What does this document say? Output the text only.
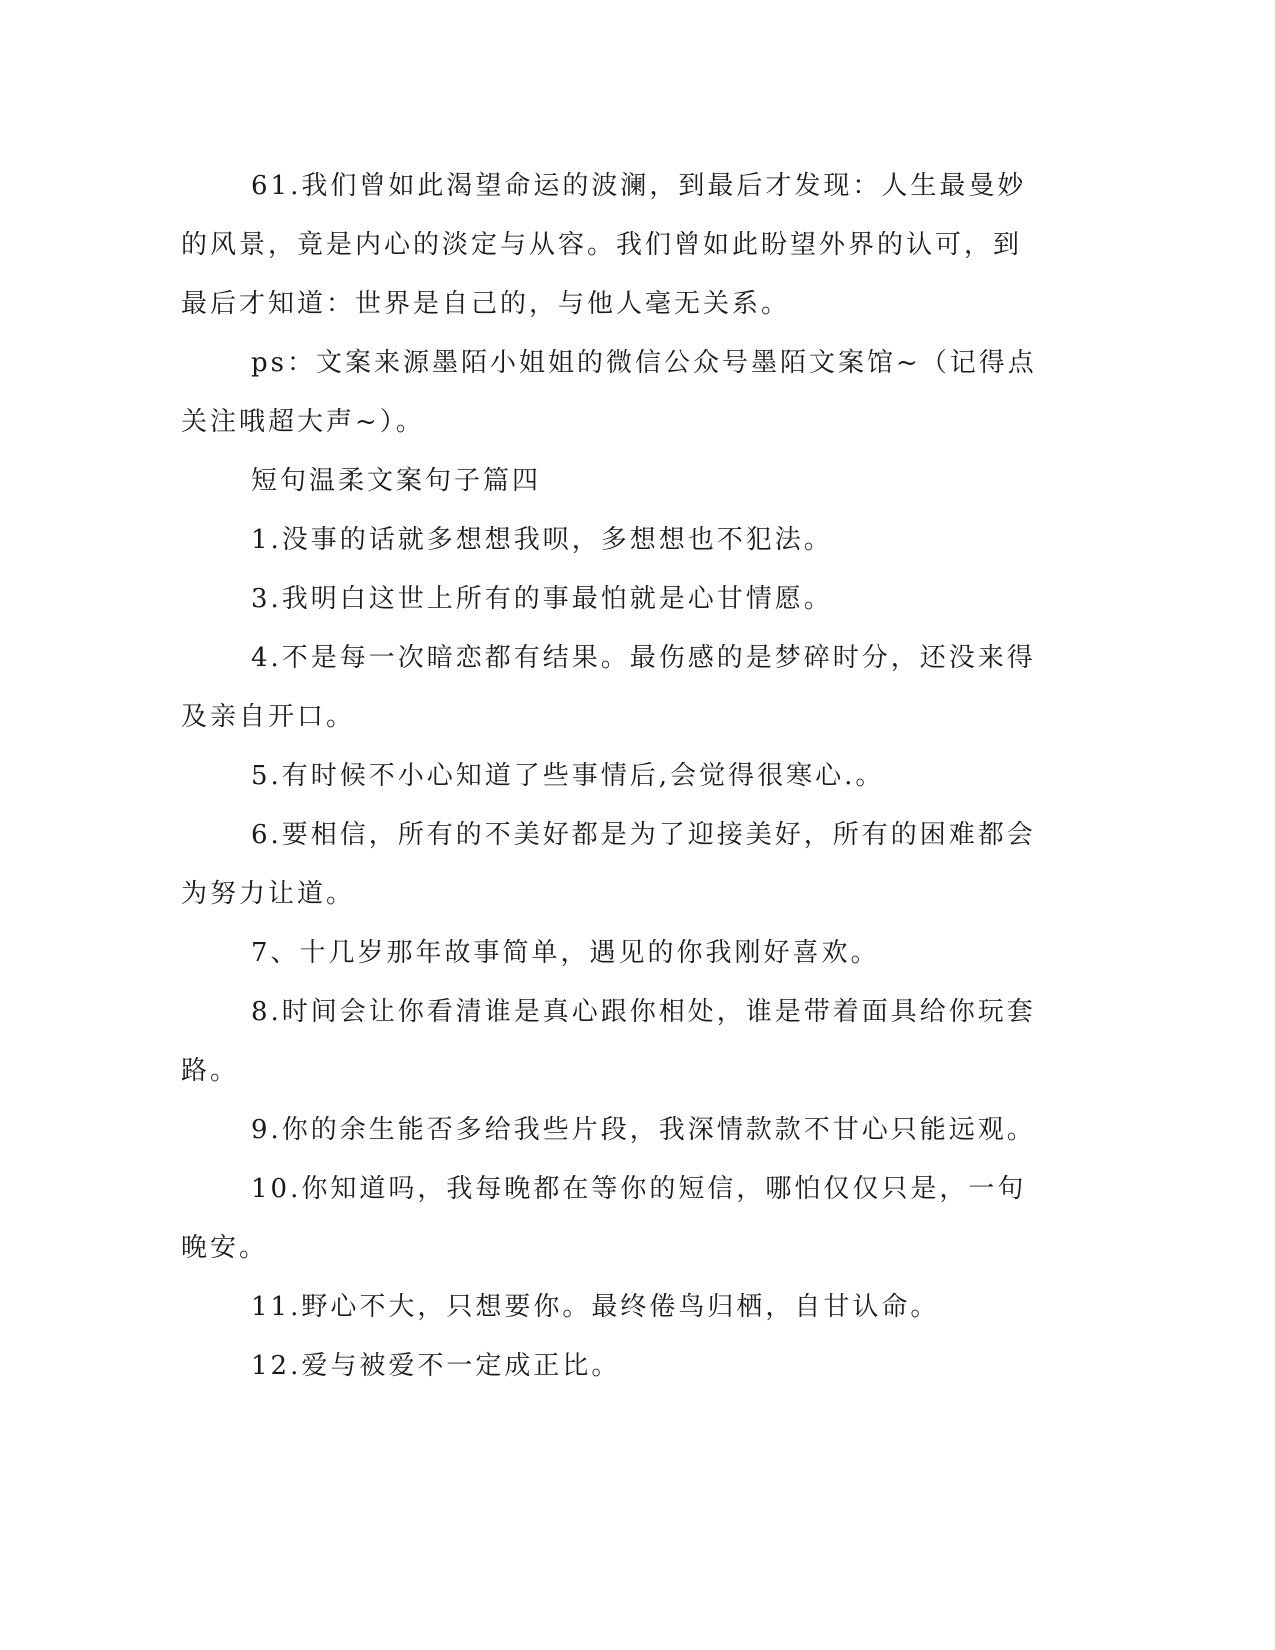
61.我们曾如此渴望命运的波澜，到最后才发现：人生最曼妙的风景，竟是内心的淡定与从容。我们曾如此盼望外界的认可，到最后才知道：世界是自己的，与他人毫无关系。

ps：文案来源墨陌小姐姐的微信公众号墨陌文案馆~（记得点关注哦超大声~）。

短句温柔文案句子篇四

1.没事的话就多想想我呗，多想想也不犯法。

3.我明白这世上所有的事最怕就是心甘情愿。

4.不是每一次暗恋都有结果。最伤感的是梦碎时分，还没来得及亲自开口。

5.有时候不小心知道了些事情后,会觉得很寒心.。

6.要相信，所有的不美好都是为了迎接美好，所有的困难都会为努力让道。

7、十几岁那年故事简单，遇见的你我刚好喜欢。

8.时间会让你看清谁是真心跟你相处，谁是带着面具给你玩套路。

9.你的余生能否多给我些片段，我深情款款不甘心只能远观。

10.你知道吗，我每晚都在等你的短信，哪怕仅仅只是，一句晚安。

11.野心不大，只想要你。最终倦鸟归栖，自甘认命。

12.爱与被爱不一定成正比。
